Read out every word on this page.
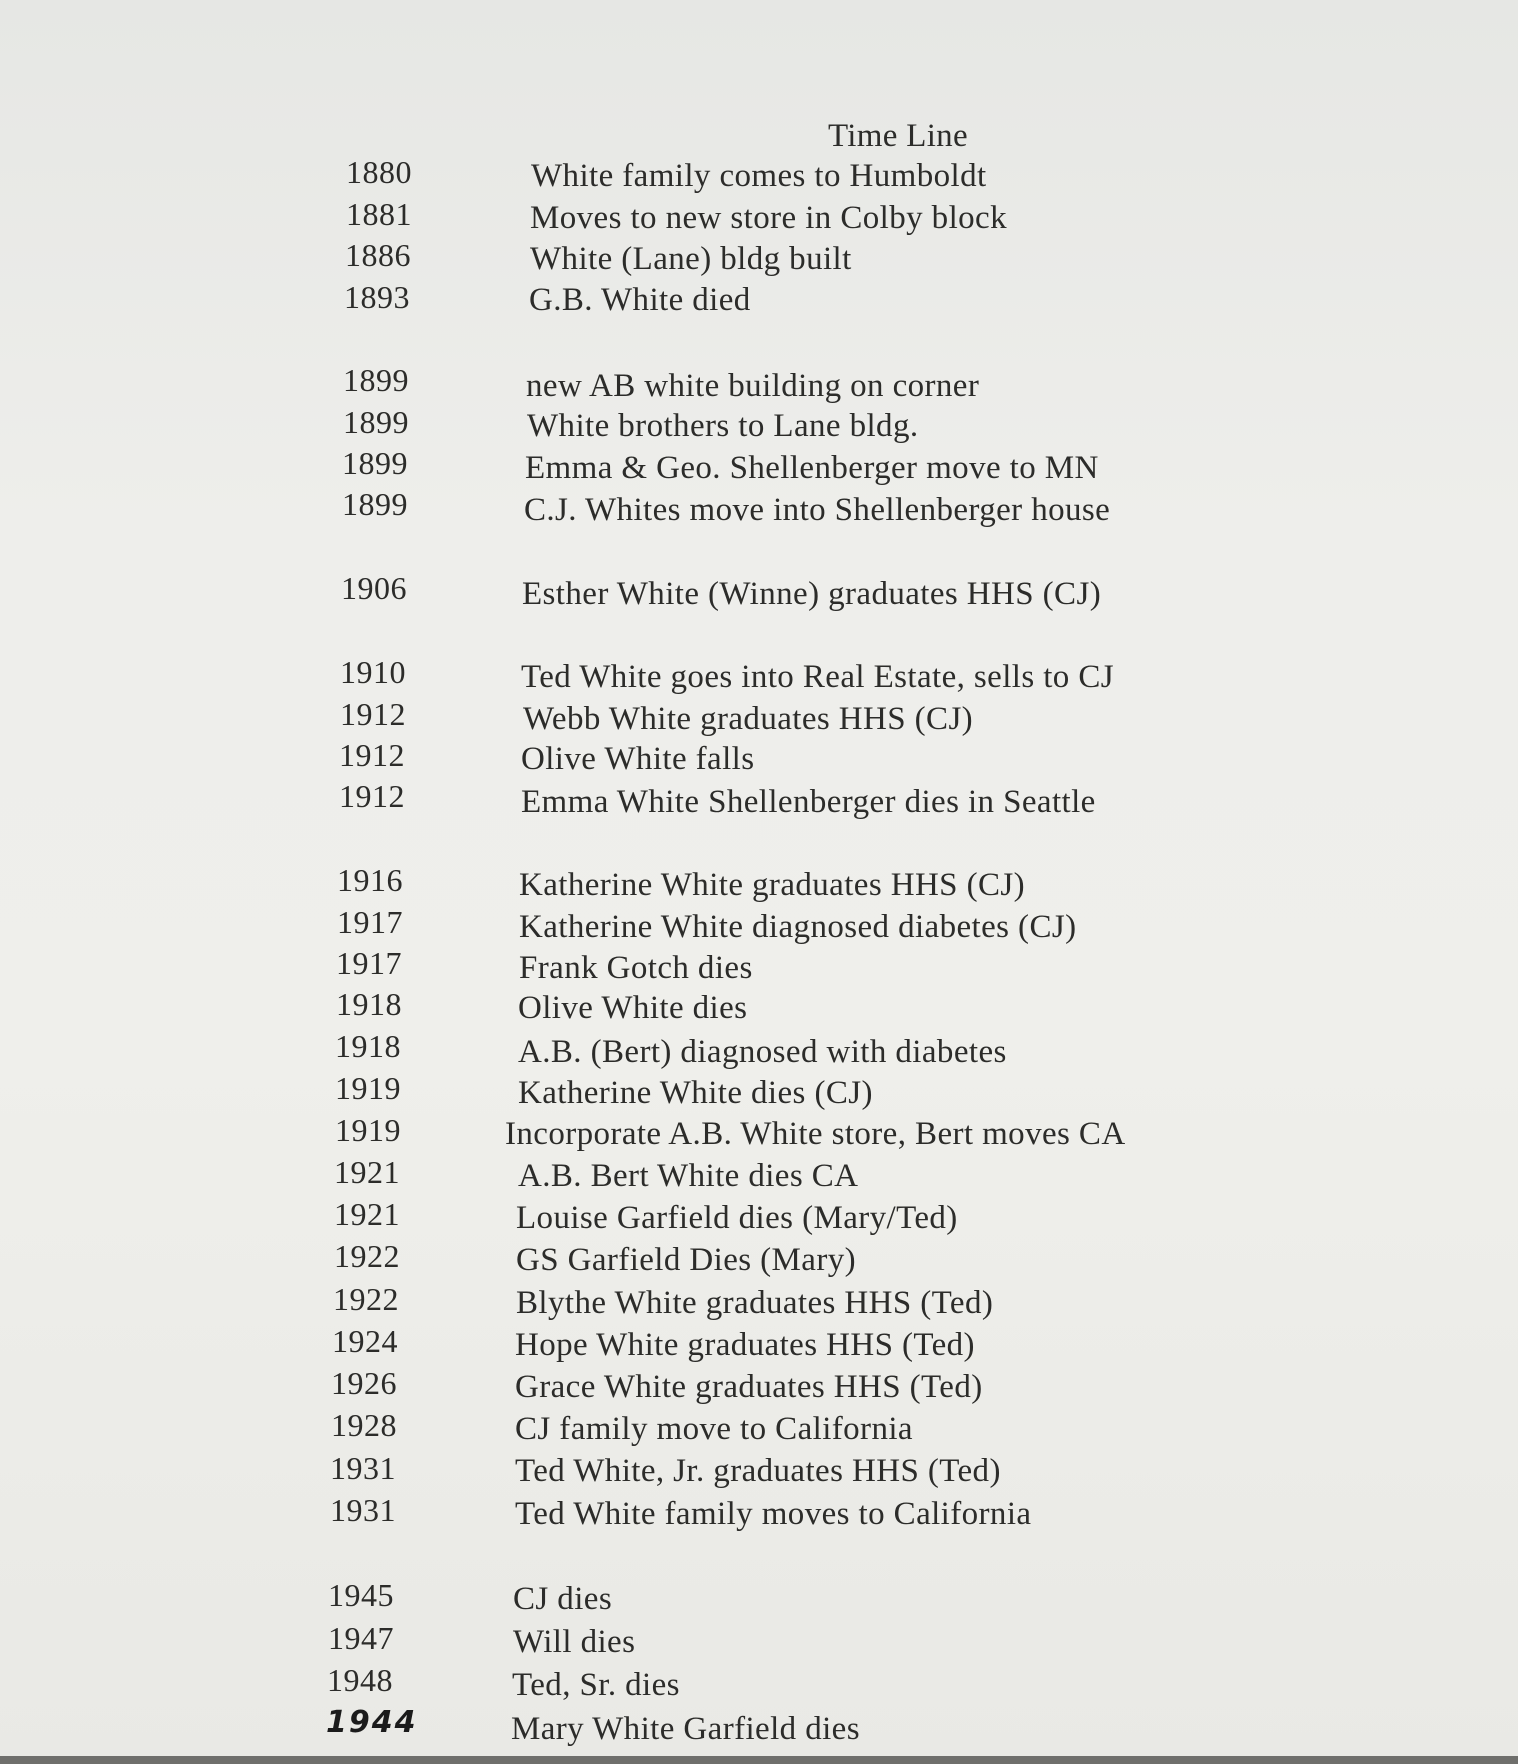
Time Line
1880	White family comes to Humboldt
1881	Moves to new store in Colby block
1886	White (Lane) bldg built
1893	G.B. White died
1899	new AB white building on corner
1899	White brothers to Lane bldg.
1899	Emma & Geo. Shellenberger move to MN
1899	C.J. Whites move into Shellenberger house
1906	Esther White (Winne) graduates HHS (CJ)
1910	Ted White goes into Real Estate, sells to CJ
1912	Webb White graduates HHS (CJ)
1912	Olive White falls
1912	Emma White Shellenberger dies in Seattle
1916	Katherine White graduates HHS (CJ)
1917	Katherine White diagnosed diabetes (CJ)
1917	Frank Gotch dies
1918	Olive White dies
1918	A.B. (Bert) diagnosed with diabetes
1919	Katherine White dies (CJ)
1919	Incorporate A.B. White store, Bert moves CA
1921	A.B. Bert White dies CA
1921	Louise Garfield dies (Mary/Ted)
1922	GS Garfield Dies (Mary)
1922	Blythe White graduates HHS (Ted)
1924	Hope White graduates HHS (Ted)
1926	Grace White graduates HHS (Ted)
1928	CJ family move to California
1931	Ted White, Jr. graduates HHS (Ted)
1931	Ted White family moves to California
1945	CJ dies
1947	Will dies
1948	Ted, Sr. dies
1944	Mary White Garfield dies
